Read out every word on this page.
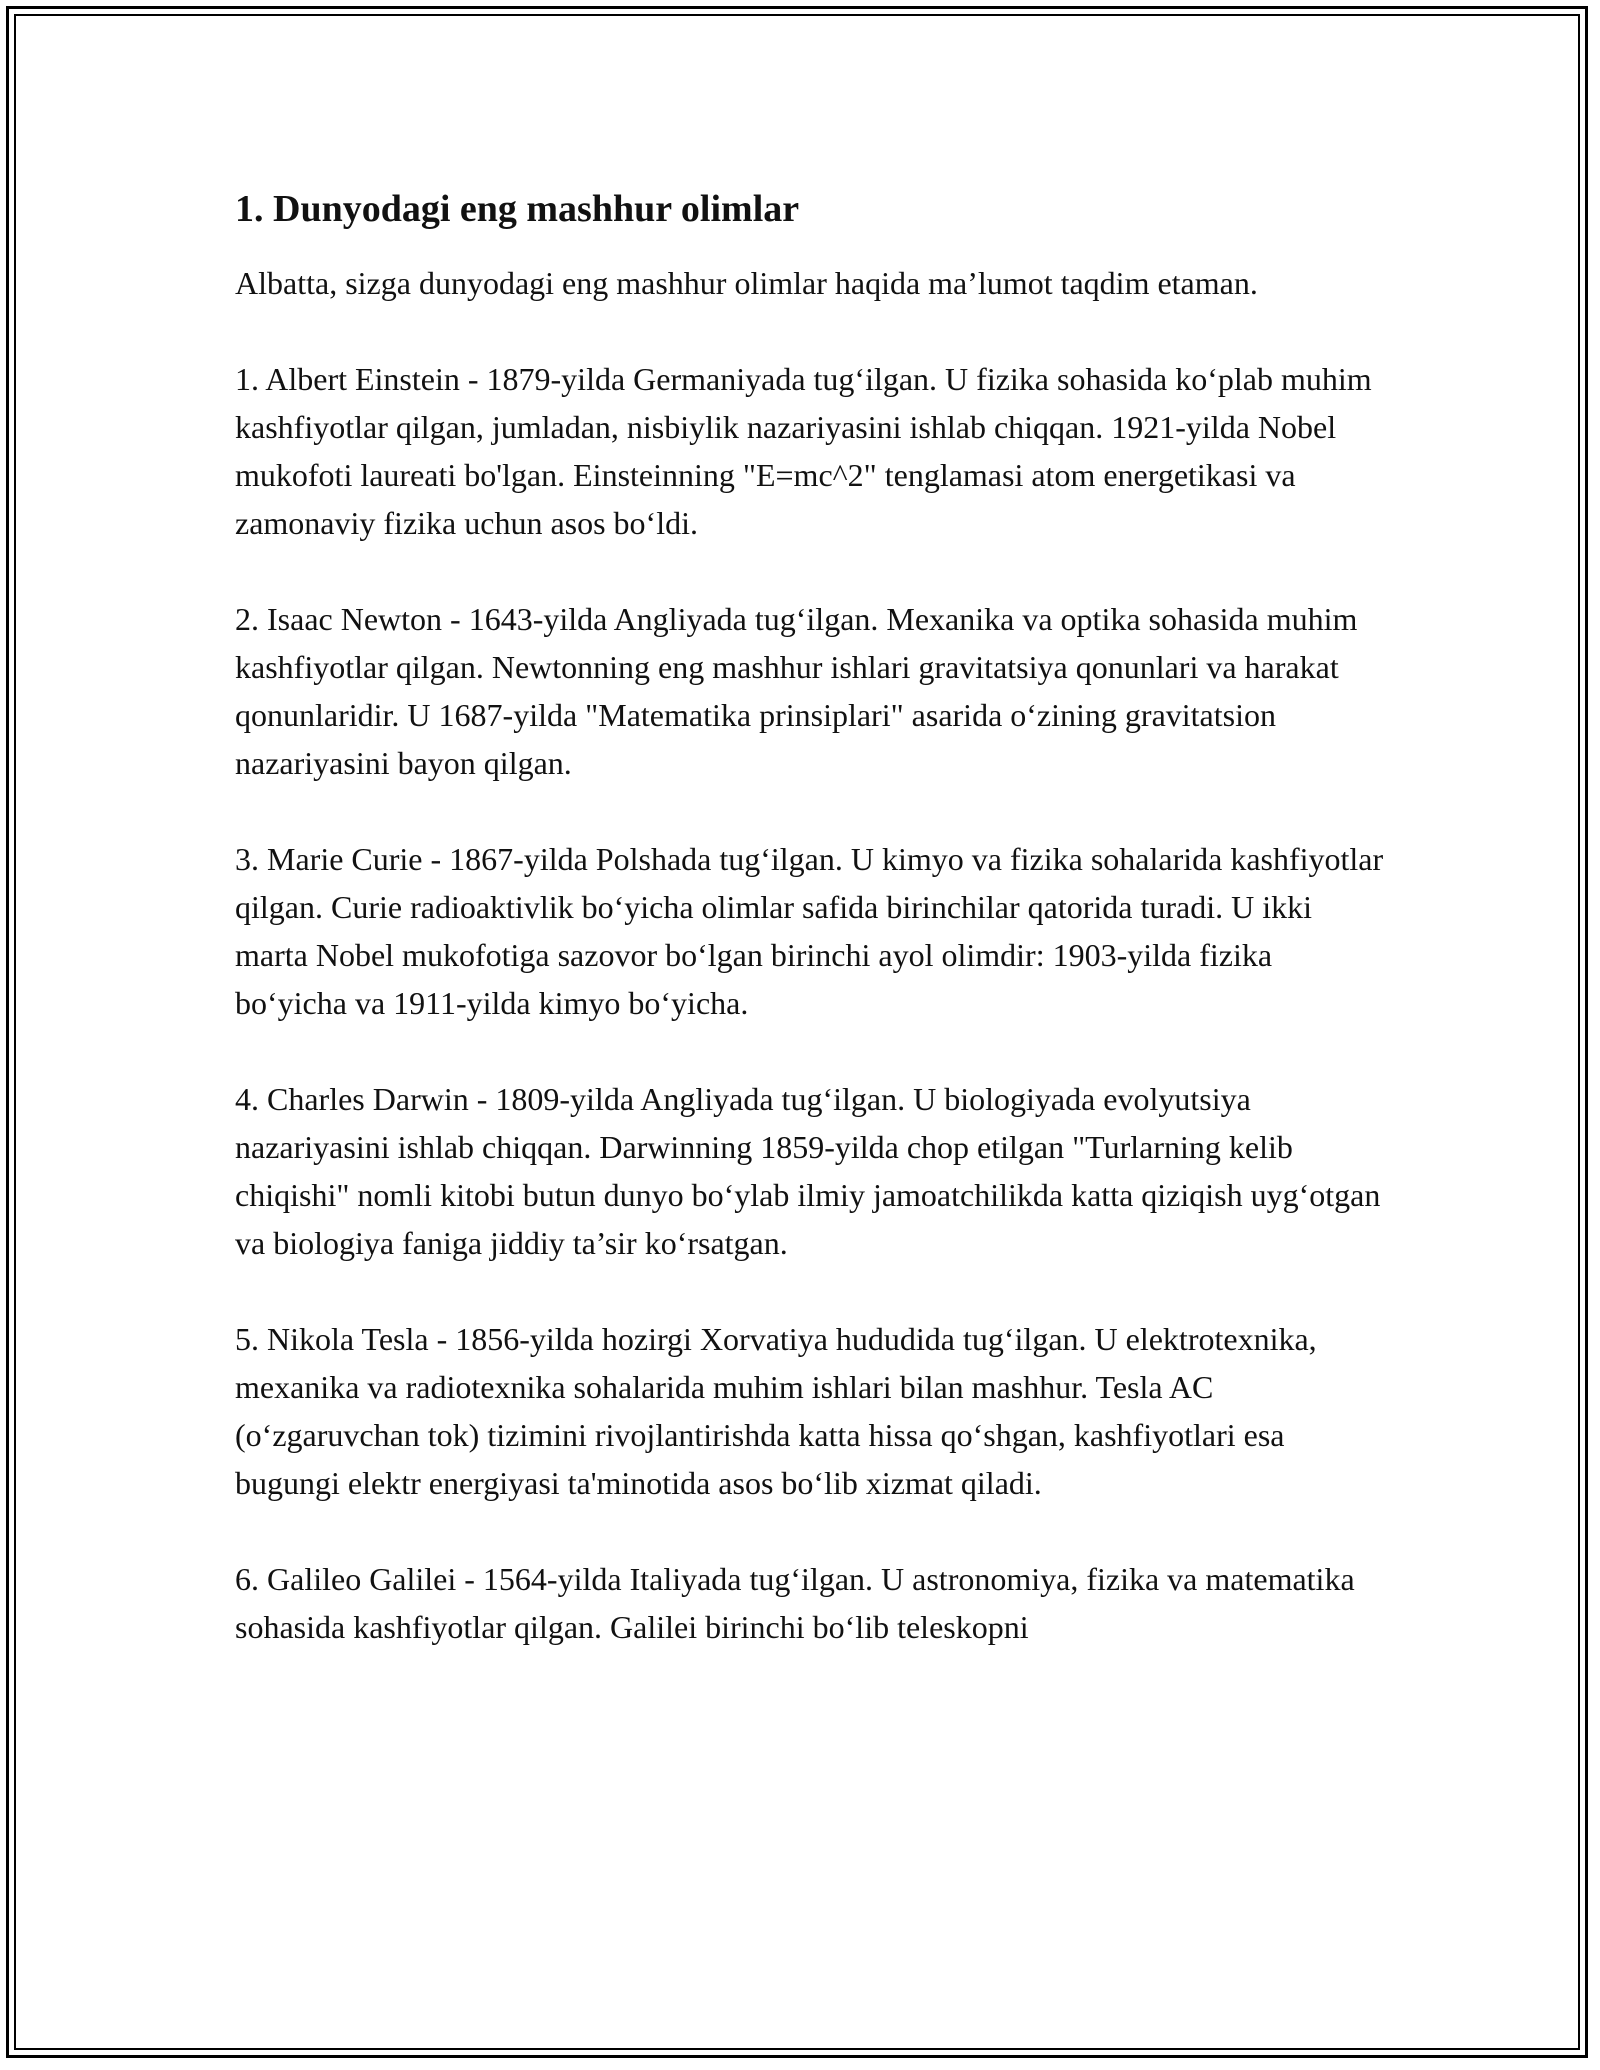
1. Dunyodagi eng mashhur olimlar

Albatta, sizga dunyodagi eng mashhur olimlar haqida ma’lumot taqdim etaman.

1. Albert Einstein - 1879-yilda Germaniyada tug‘ilgan. U fizika sohasida ko‘plab muhim kashfiyotlar qilgan, jumladan, nisbiylik nazariyasini ishlab chiqqan. 1921-yilda Nobel mukofoti laureati bo'lgan. Einsteinning "E=mc^2" tenglamasi atom energetikasi va zamonaviy fizika uchun asos bo‘ldi.

2. Isaac Newton - 1643-yilda Angliyada tug‘ilgan. Mexanika va optika sohasida muhim kashfiyotlar qilgan. Newtonning eng mashhur ishlari gravitatsiya qonunlari va harakat qonunlaridir. U 1687-yilda "Matematika prinsiplari" asarida o‘zining gravitatsion nazariyasini bayon qilgan.

3. Marie Curie - 1867-yilda Polshada tug‘ilgan. U kimyo va fizika sohalarida kashfiyotlar qilgan. Curie radioaktivlik bo‘yicha olimlar safida birinchilar qatorida turadi. U ikki marta Nobel mukofotiga sazovor bo‘lgan birinchi ayol olimdir: 1903-yilda fizika bo‘yicha va 1911-yilda kimyo bo‘yicha.

4. Charles Darwin - 1809-yilda Angliyada tug‘ilgan. U biologiyada evolyutsiya nazariyasini ishlab chiqqan. Darwinning 1859-yilda chop etilgan "Turlarning kelib chiqishi" nomli kitobi butun dunyo bo‘ylab ilmiy jamoatchilikda katta qiziqish uyg‘otgan va biologiya faniga jiddiy ta’sir ko‘rsatgan.

5. Nikola Tesla - 1856-yilda hozirgi Xorvatiya hududida tug‘ilgan. U elektrotexnika, mexanika va radiotexnika sohalarida muhim ishlari bilan mashhur. Tesla AC (o‘zgaruvchan tok) tizimini rivojlantirishda katta hissa qo‘shgan, kashfiyotlari esa bugungi elektr energiyasi ta'minotida asos bo‘lib xizmat qiladi.

6. Galileo Galilei - 1564-yilda Italiyada tug‘ilgan. U astronomiya, fizika va matematika sohasida kashfiyotlar qilgan. Galilei birinchi bo‘lib teleskopni
